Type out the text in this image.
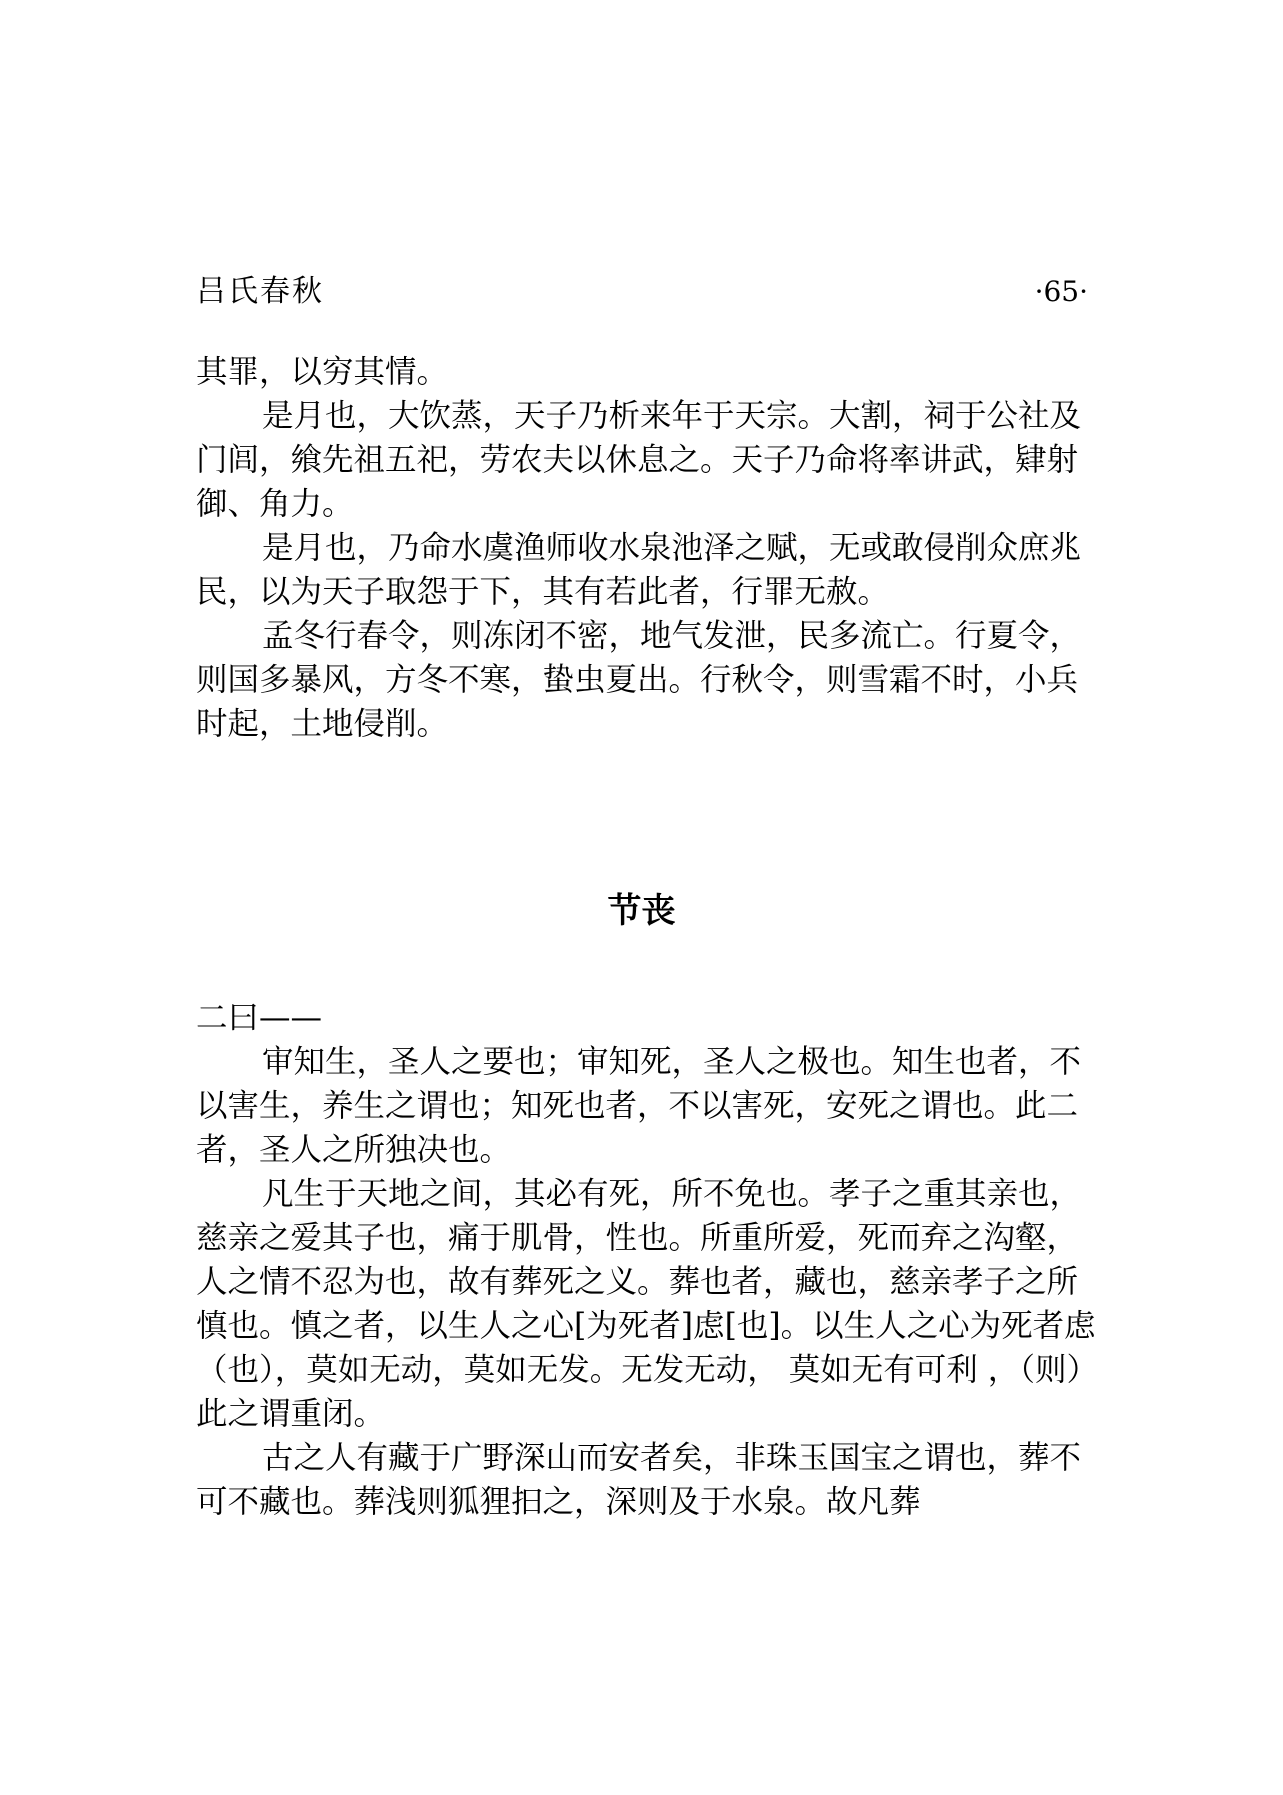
吕氏春秋	·65·

其罪，以穷其情。

是月也，大饮蒸，天子乃析来年于天宗。大割，祠于公社及门闾，飨先祖五祀，劳农夫以休息之。天子乃命将率讲武，肄射御、角力。

是月也，乃命水虞渔师收水泉池泽之赋，无或敢侵削众庶兆民，以为天子取怨于下，其有若此者，行罪无赦。

孟冬行春令，则冻闭不密，地气发泄，民多流亡。行夏令，则国多暴风，方冬不寒，蛰虫夏出。行秋令，则雪霜不时，小兵时起，土地侵削。

节丧

二曰——

审知生，圣人之要也；审知死，圣人之极也。知生也者，不以害生，养生之谓也；知死也者，不以害死，安死之谓也。此二者，圣人之所独决也。

凡生于天地之间，其必有死，所不免也。孝子之重其亲也，慈亲之爱其子也，痛于肌骨，性也。所重所爱，死而弃之沟壑，人之情不忍为也，故有葬死之义。葬也者，藏也，慈亲孝子之所慎也。慎之者，以生人之心[为死者]虑[也]。以生人之心为死者虑（也），莫如无动，莫如无发。无发无动， 莫如无有可利 ，（则）此之谓重闭。

古之人有藏于广野深山而安者矣，非珠玉国宝之谓也，葬不可不藏也。葬浅则狐狸抇之，深则及于水泉。故凡葬
